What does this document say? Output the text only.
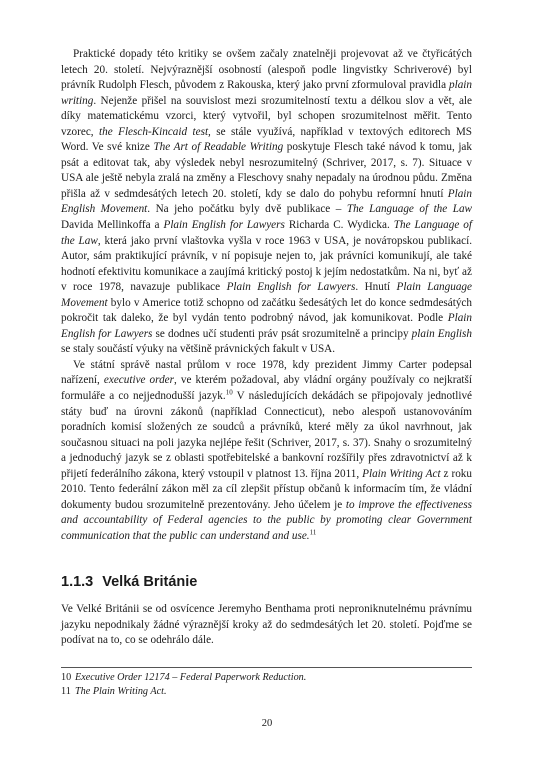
Praktické dopady této kritiky se ovšem začaly znatelněji projevovat až ve čtyřicátých letech 20. století. Nejvýraznější osobností (alespoň podle lingvistky Schriverové) byl právník Rudolph Flesch, původem z Rakouska, který jako první zformuloval pravidla plain writing. Nejenže přišel na souvislost mezi srozumitelností textu a délkou slov a vět, ale díky matematickému vzorci, který vytvořil, byl schopen srozumitelnost měřit. Tento vzorec, the Flesch-Kincaid test, se stále využívá, například v textových editorech MS Word. Ve své knize The Art of Readable Writing poskytuje Flesch také návod k tomu, jak psát a editovat tak, aby výsledek nebyl nesrozumitelný (Schriver, 2017, s. 7). Situace v USA ale ještě nebyla zralá na změny a Fleschovy snahy nepadaly na úrodnou půdu. Změna přišla až v sedmdesátých letech 20. století, kdy se dalo do pohybu reformní hnutí Plain English Movement. Na jeho počátku byly dvě publikace – The Language of the Law Davida Mellinkoffa a Plain English for Lawyers Richarda C. Wydicka. The Language of the Law, která jako první vlaštovka vyšla v roce 1963 v USA, je nováторskou publikací. Autor, sám praktikující právník, v ní popisuje nejen to, jak právníci komunikují, ale také hodnotí efektivitu komunikace a zaujímá kritický postoj k jejím nedostatkům. Na ni, byť až v roce 1978, navazuje publikace Plain English for Lawyers. Hnutí Plain Language Movement bylo v Americe totiž schopno od začátku šedesátých let do konce sedmdesátých pokročit tak daleko, že byl vydán tento podrobný návod, jak komunikovat. Podle Plain English for Lawyers se dodnes učí studenti práv psát srozumitelně a principy plain English se staly součástí výuky na většině právnických fakult v USA.

Ve státní správě nastal průlom v roce 1978, kdy prezident Jimmy Carter podepsal nařízení, executive order, ve kterém požadoval, aby vládní orgány používaly co nejkratší formuláře a co nejjednodušší jazyk.$^{10}$ V následujících dekádách se připojovaly jednotlivé státy buď na úrovni zákonů (například Connecticut), nebo alespoň ustanovováním poradních komisí složených ze soudců a právníků, které měly za úkol navrhnout, jak současnou situaci na poli jazyka nejlépe řešit (Schriver, 2017, s. 37). Snahy o srozumitelný a jednoduchý jazyk se z oblasti spotřebitelské a bankovní rozšířily přes zdravotnictví až k přijetí federálního zákona, který vstoupil v platnost 13. října 2011, Plain Writing Act z roku 2010. Tento federální zákon měl za cíl zlepšit přístup občanů k informacím tím, že vládní dokumenty budou srozumitelně prezentovány. Jeho účelem je to improve the effectiveness and accountability of Federal agencies to the public by promoting clear Government communication that the public can understand and use.$^{11}$

1.1.3 Velká Británie

Ve Velké Británii se od osvícence Jeremyho Benthama proti neproniknutelnému právnímu jazyku nepodnikaly žádné výraznější kroky až do sedmdesátých let 20. století. Pojďme se podívat na to, co se odehrálo dále.

10 Executive Order 12174 – Federal Paperwork Reduction.
11 The Plain Writing Act.
20
